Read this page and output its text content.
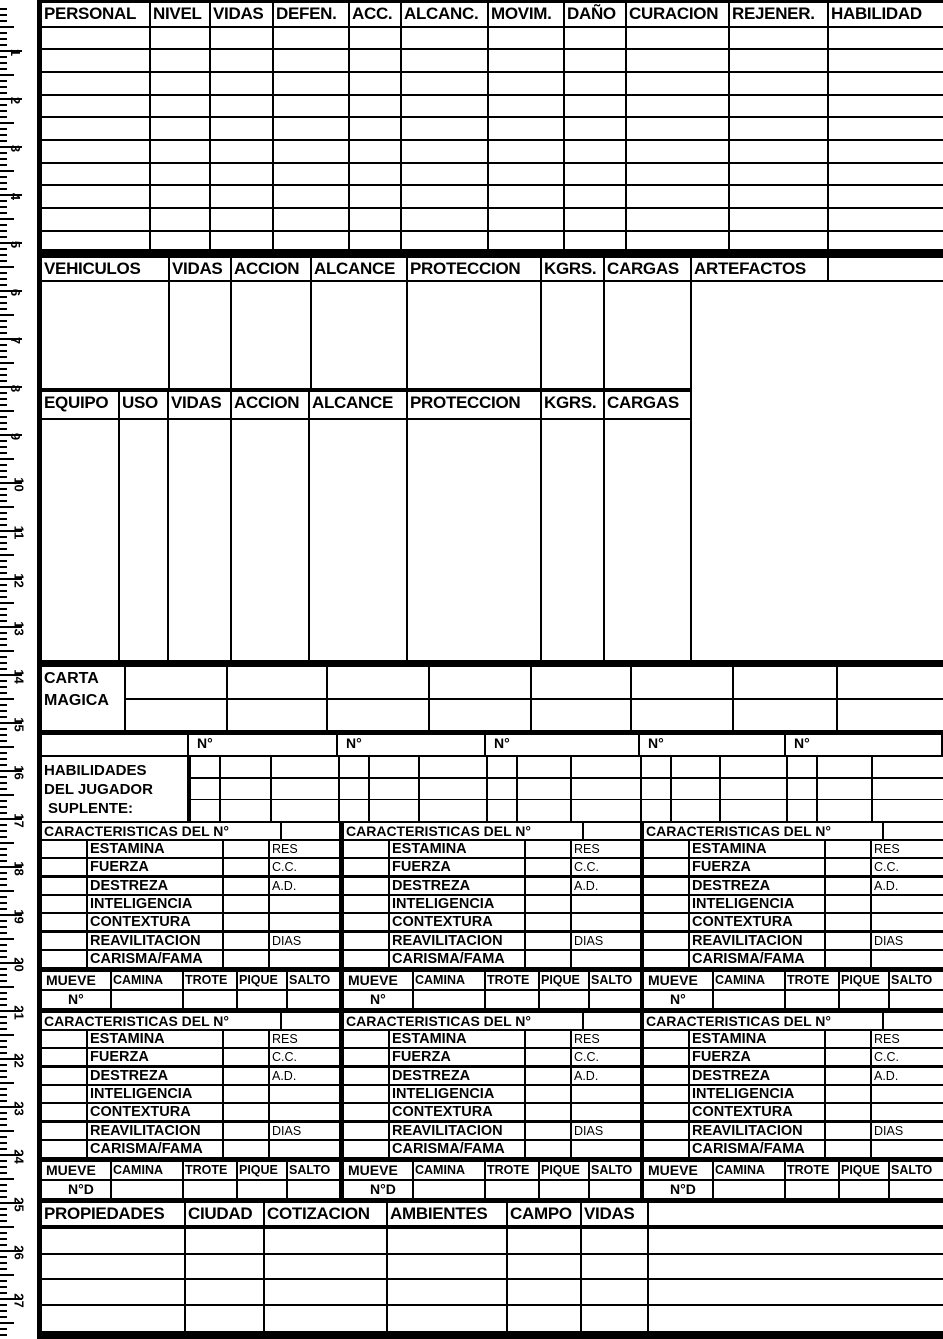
1
2
3
4
5
6
7
8
9
10
11
12
13
14
15
16
17
18
19
20
21
22
23
24
25
26
27
PERSONAL NIVEL VIDAS DEFEN. ACC. ALCANC. MOVIM. DAÑO CURACION REJENER. HABILIDAD
VEHICULOS	VIDAS ACCION ALCANCE PROTECCION	KGRS. CARGAS ARTEFACTOS
EQUIPO USO VIDAS ACCION ALCANCE PROTECCION	KGRS. CARGAS
CARTA
MAGICA
HABILIDADES
DEL JUGADOR
SUPLENTE:
N°	N°	N°	N°	N°
CARACTERISTICAS DEL N°
ESTAMINA	RES
FUERZA	C.C.
DESTREZA	A.D.
INTELIGENCIA
CONTEXTURA
REAVILITACION	DIAS
CARISMA/FAMA
MUEVE	CAMINA	TROTE PIQUE SALTO
N°
CARACTERISTICAS DEL N°
ESTAMINA	RES
FUERZA	C.C.
DESTREZA	A.D.
INTELIGENCIA
CONTEXTURA
REAVILITACION	DIAS
CARISMA/FAMA
MUEVE	CAMINA	TROTE PIQUE SALTO
N°
CARACTERISTICAS DEL N°
ESTAMINA	RES
FUERZA	C.C.
DESTREZA	A.D.
INTELIGENCIA
CONTEXTURA
REAVILITACION	DIAS
CARISMA/FAMA
MUEVE	CAMINA	TROTE PIQUE SALTO
N°
CARACTERISTICAS DEL N°
ESTAMINA	RES
FUERZA	C.C.
DESTREZA	A.D.
INTELIGENCIA
CONTEXTURA
REAVILITACION	DIAS
CARISMA/FAMA
MUEVE	CAMINA	TROTE PIQUE SALTO
N°D
CARACTERISTICAS DEL N°
ESTAMINA	RES
FUERZA	C.C.
DESTREZA	A.D.
INTELIGENCIA
CONTEXTURA
REAVILITACION	DIAS
CARISMA/FAMA
MUEVE	CAMINA	TROTE PIQUE SALTO
N°D
CARACTERISTICAS DEL N°
ESTAMINA	RES
FUERZA	C.C.
DESTREZA	A.D.
INTELIGENCIA
CONTEXTURA
REAVILITACION	DIAS
CARISMA/FAMA
MUEVE	CAMINA	TROTE PIQUE SALTO
N°D
PROPIEDADES	CIUDAD COTIZACION	AMBIENTES	CAMPO VIDAS
